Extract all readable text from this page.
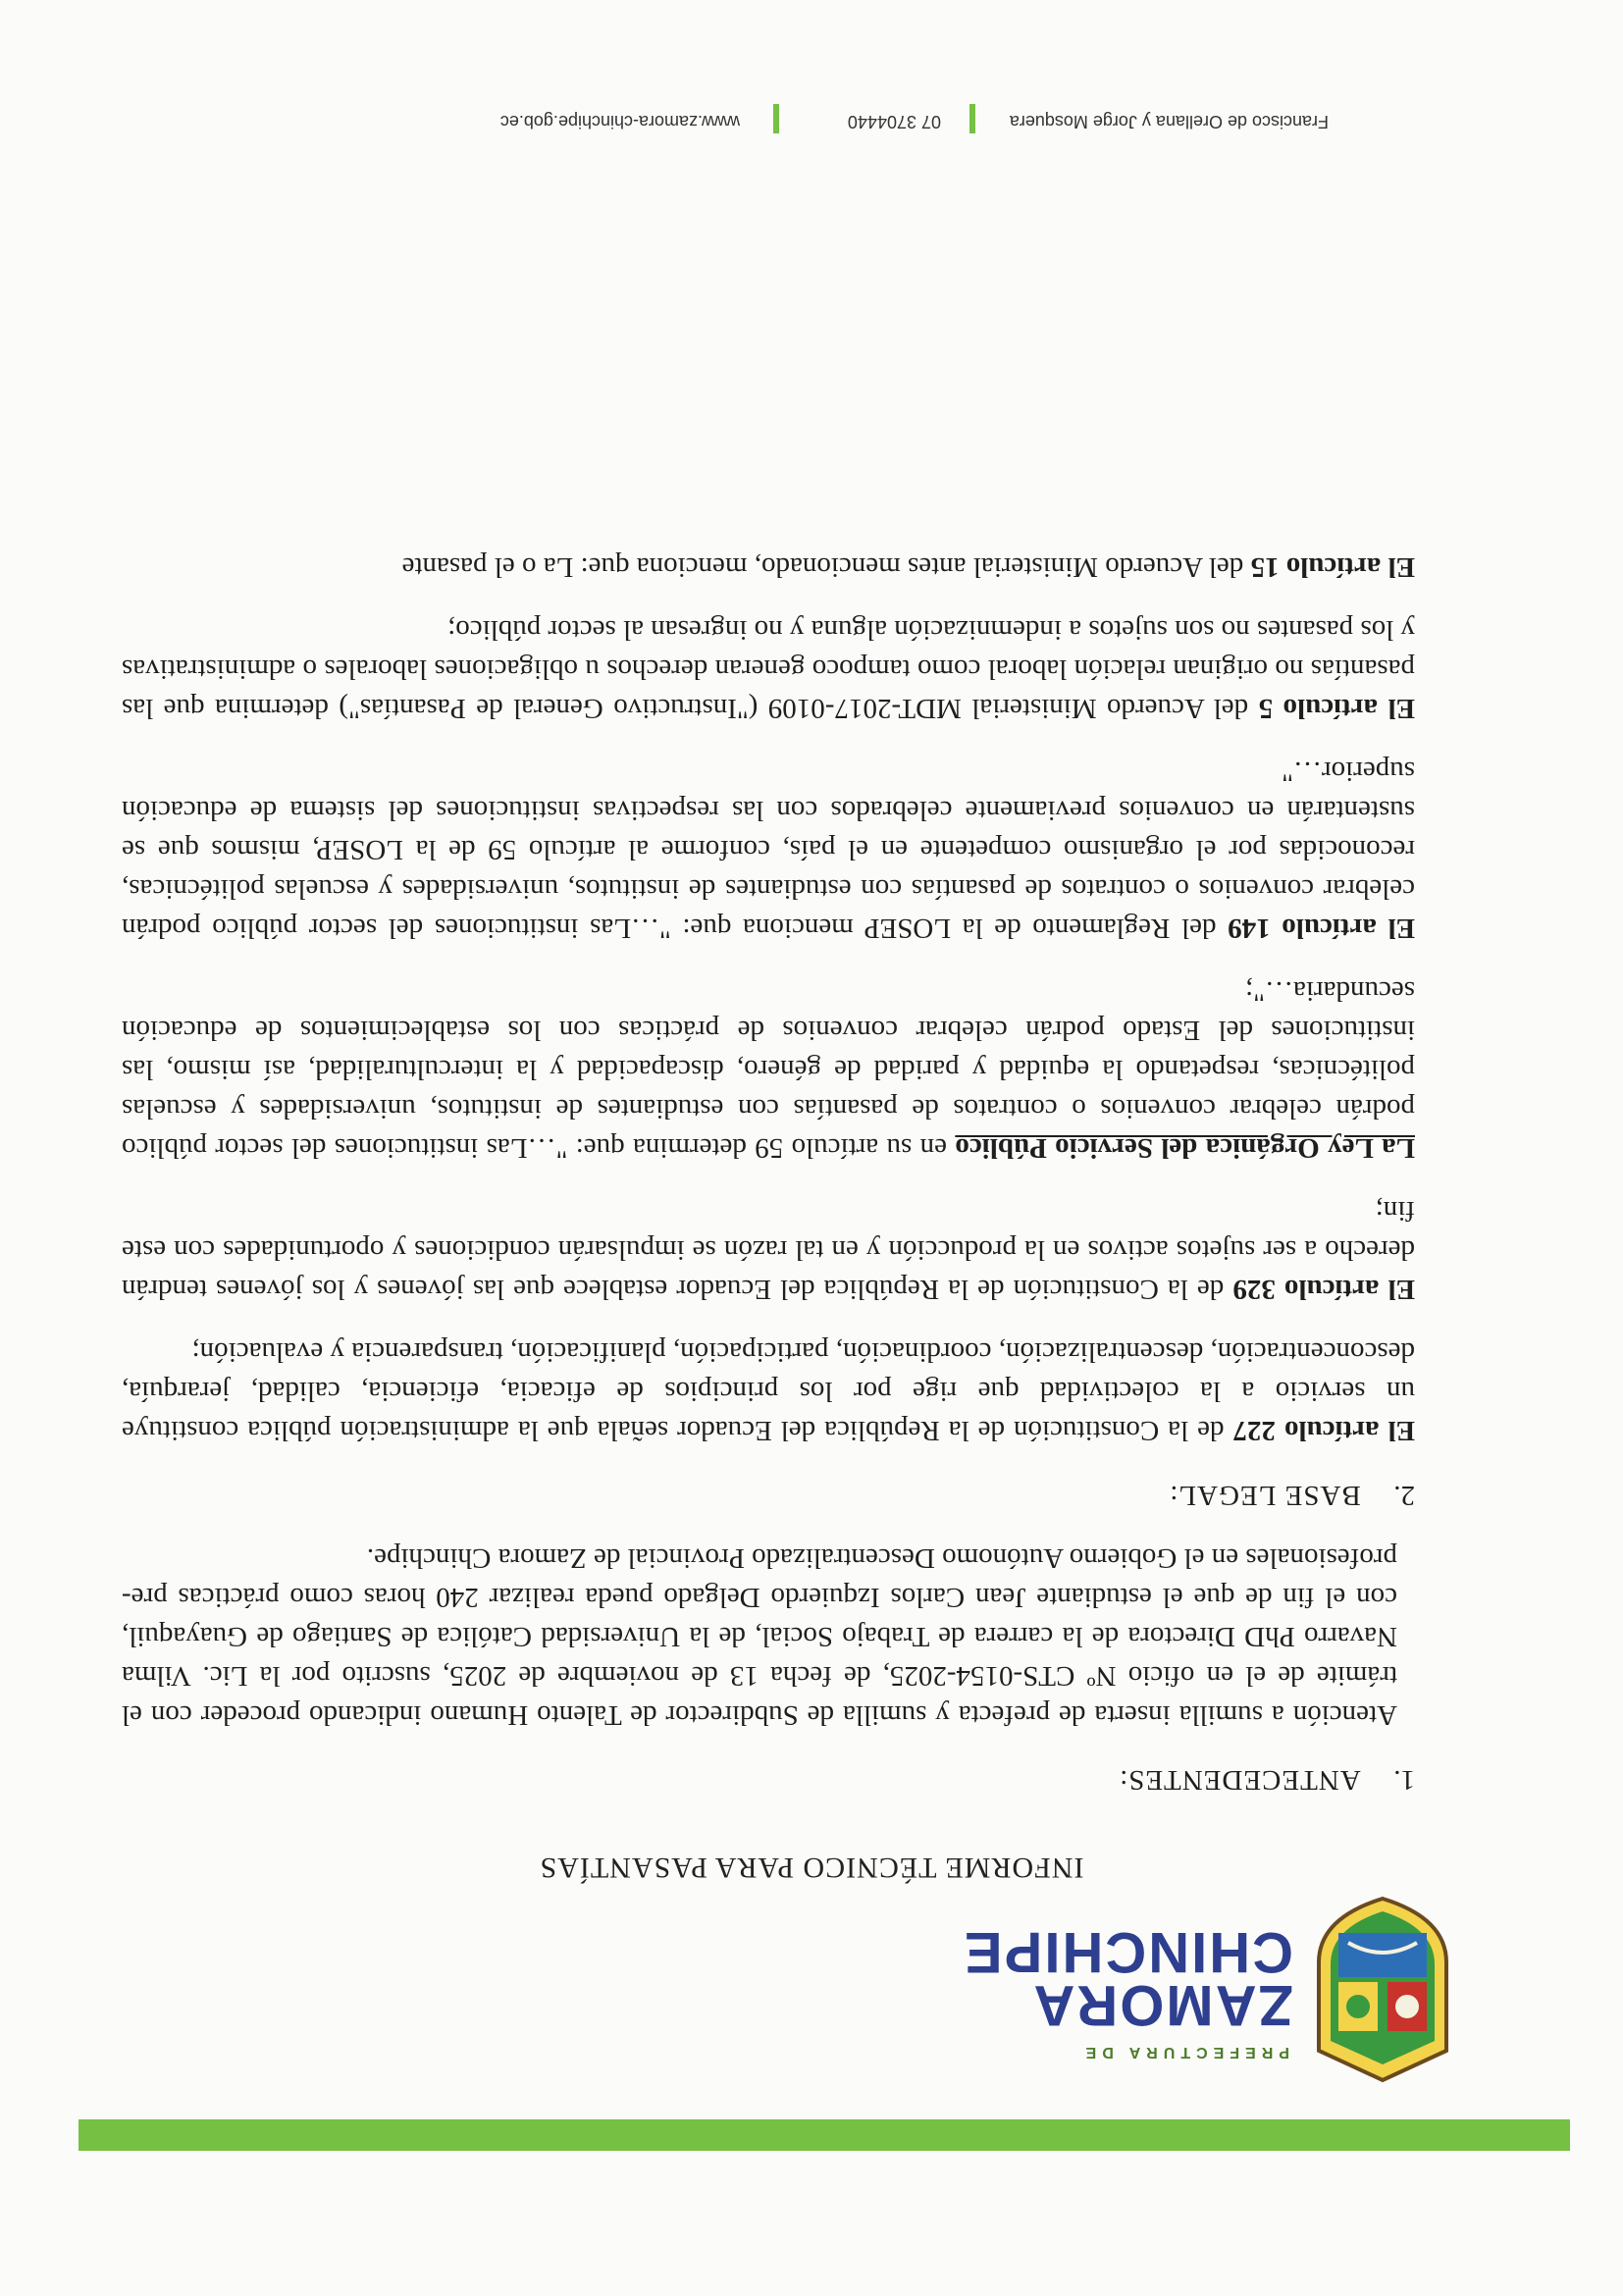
PREFECTURA DE
ZAMORA
CHINCHIPE
INFORME TÉCNICO PARA PASANTÍAS
1. ANTECEDENTES:

Atención a sumilla inserta de prefecta y sumilla de Subdirector de Talento Humano indicando proceder con el trámite de el en oficio Nº CTS-0154-2025, de fecha 13 de noviembre de 2025, suscrito por la Lic. Vilma Navarro PhD Directora de la carrera de Trabajo Social, de la Universidad Católica de Santiago de Guayaquil, con el fin de que el estudiante Jean Carlos Izquierdo Delgado pueda realizar 240 horas como prácticas pre-profesionales en el Gobierno Autónomo Descentralizado Provincial de Zamora Chinchipe.

2. BASE LEGAL:

El artículo 227 de la Constitución de la República del Ecuador señala que la administración pública constituye un servicio a la colectividad que rige por los principios de eficacia, eficiencia, calidad, jerarquía, desconcentración, descentralización, coordinación, participación, planificación, transparencia y evaluación;

El artículo 329 de la Constitución de la República del Ecuador establece que las jóvenes y los jóvenes tendrán derecho a ser sujetos activos en la producción y en tal razón se impulsarán condiciones y oportunidades con este fin;

La Ley Orgánica del Servicio Público en su artículo 59 determina que: "…Las instituciones del sector público podrán celebrar convenios o contratos de pasantías con estudiantes de institutos, universidades y escuelas politécnicas, respetando la equidad y paridad de género, discapacidad y la interculturalidad, así mismo, las instituciones del Estado podrán celebrar convenios de prácticas con los establecimientos de educación secundaria…";

El artículo 149 del Reglamento de la LOSEP menciona que: "…Las instituciones del sector público podrán celebrar convenios o contratos de pasantías con estudiantes de institutos, universidades y escuelas politécnicas, reconocidas por el organismo competente en el país, conforme al artículo 59 de la LOSEP, mismos que se sustentarán en convenios previamente celebrados con las respectivas instituciones del sistema de educación superior…"

El artículo 5 del Acuerdo Ministerial MDT-2017-0109 ("Instructivo General de Pasantías") determina que las pasantías no originan relación laboral como tampoco generan derechos u obligaciones laborales o administrativas y los pasantes no son sujetos a indemnización alguna y no ingresan al sector público;

El artículo 15 del Acuerdo Ministerial antes mencionado, menciona que: La o el pasante

Francisco de Orellana y Jorge Mosquera
07 3704440
www.zamora-chinchipe.gob.ec
